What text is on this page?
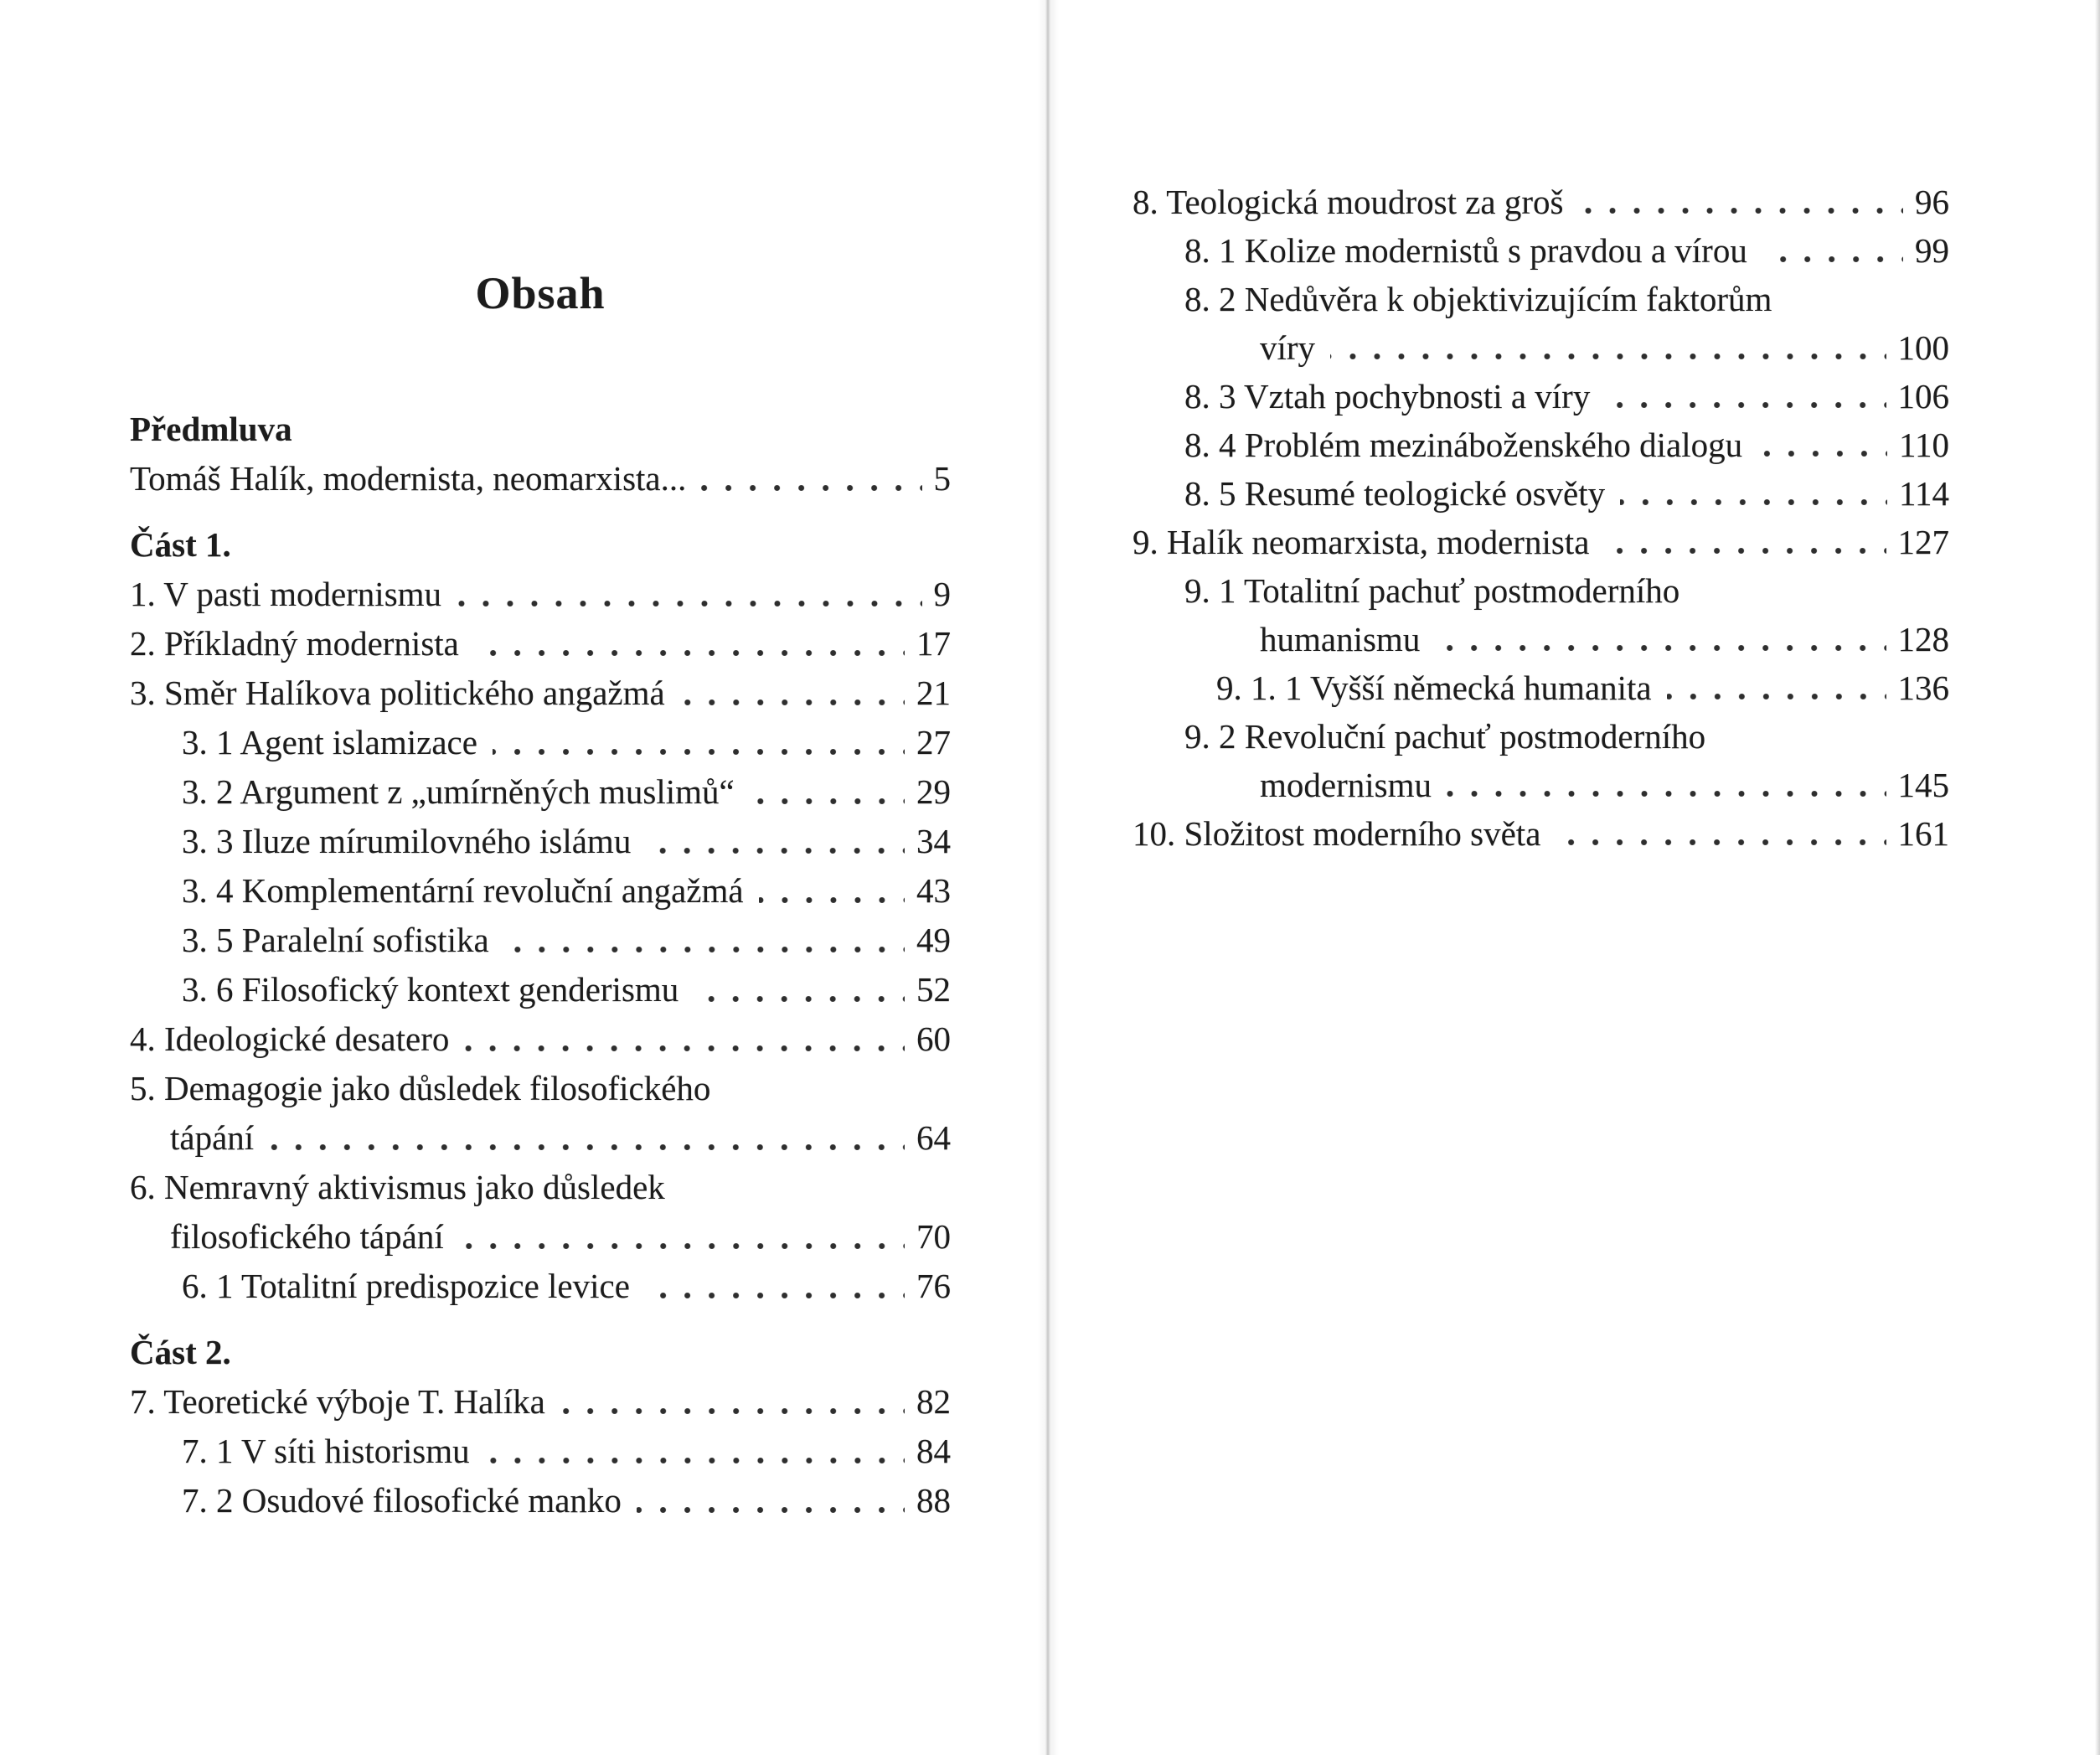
Obsah
Předmluva
Tomáš Halík, modernista, neomarxista...	5
Část 1.
1. V pasti modernismu	9
2. Příkladný modernista	17
3. Směr Halíkova politického angažmá	21
3. 1 Agent islamizace	27
3. 2 Argument z „umírněných muslimů“	29
3. 3 Iluze mírumilovného islámu	34
3. 4 Komplementární revoluční angažmá	43
3. 5 Paralelní sofistika	49
3. 6 Filosofický kontext genderismu	52
4. Ideologické desatero	60
5. Demagogie jako důsledek filosofického
tápání	64
6. Nemravný aktivismus jako důsledek
filosofického tápání	70
6. 1 Totalitní predispozice levice	76
Část 2.
7. Teoretické výboje T. Halíka	82
7. 1 V síti historismu	84
7. 2 Osudové filosofické manko	88
8. Teologická moudrost za groš	96
8. 1 Kolize modernistů s pravdou a vírou	99
8. 2 Nedůvěra k objektivizujícím faktorům
víry	100
8. 3 Vztah pochybnosti a víry	106
8. 4 Problém mezináboženského dialogu	110
8. 5 Resumé teologické osvěty	114
9. Halík neomarxista, modernista	127
9. 1 Totalitní pachuť postmoderního
humanismu	128
9. 1. 1 Vyšší německá humanita	136
9. 2 Revoluční pachuť postmoderního
modernismu	145
10. Složitost moderního světa	161
